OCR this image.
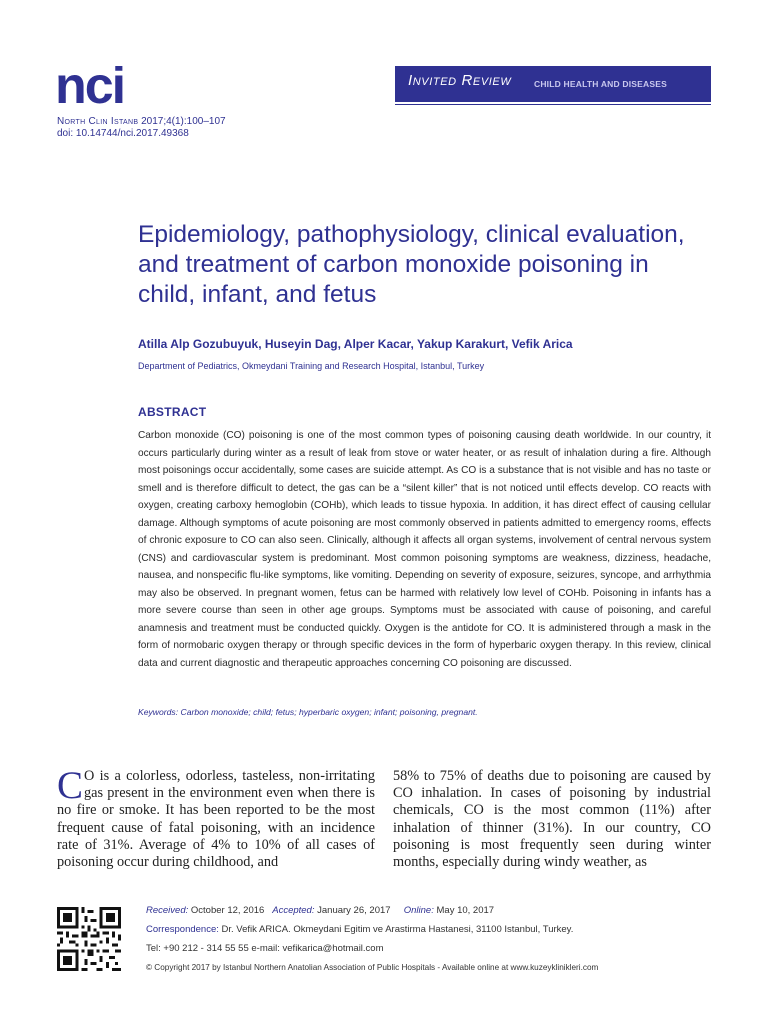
nci
North Clin Istanb 2017;4(1):100–107
doi: 10.14744/nci.2017.49368
Invited Review	CHILD HEALTH AND DISEASES
Epidemiology, pathophysiology, clinical evaluation, and treatment of carbon monoxide poisoning in child, infant, and fetus
Atilla Alp Gozubuyuk, Huseyin Dag, Alper Kacar, Yakup Karakurt, Vefik Arica
Department of Pediatrics, Okmeydani Training and Research Hospital, Istanbul, Turkey
ABSTRACT

Carbon monoxide (CO) poisoning is one of the most common types of poisoning causing death worldwide. In our country, it occurs particularly during winter as a result of leak from stove or water heater, or as result of inhalation during a fire. Although most poisonings occur accidentally, some cases are suicide attempt. As CO is a substance that is not visible and has no taste or smell and is therefore difficult to detect, the gas can be a “silent killer” that is not noticed until effects develop. CO reacts with oxygen, creating carboxy hemoglobin (COHb), which leads to tissue hypoxia. In addition, it has direct effect of causing cellular damage. Although symptoms of acute poisoning are most commonly observed in patients admitted to emergency rooms, effects of chronic exposure to CO can also seen. Clinically, although it affects all organ systems, involvement of central nervous system (CNS) and cardiovascular system is predominant. Most common poisoning symptoms are weakness, dizziness, headache, nausea, and nonspecific flu-like symptoms, like vomiting. Depending on severity of exposure, seizures, syncope, and arrhythmia may also be observed. In pregnant women, fetus can be harmed with relatively low level of COHb. Poisoning in infants has a more severe course than seen in other age groups. Symptoms must be associated with cause of poisoning, and careful anamnesis and treatment must be conducted quickly. Oxygen is the antidote for CO. It is administered through a mask in the form of normobaric oxygen therapy or through specific devices in the form of hyperbaric oxygen therapy. In this review, clinical data and current diagnostic and therapeutic approaches concerning CO poisoning are discussed.

Keywords: Carbon monoxide; child; fetus; hyperbaric oxygen; infant; poisoning, pregnant.

C O is a colorless, odorless, tasteless, non-irritating gas present in the environment even when there is no fire or smoke. It has been reported to be the most frequent cause of fatal poisoning, with an incidence rate of 31%. Average of 4% to 10% of all cases of poisoning occur during childhood, and

58% to 75% of deaths due to poisoning are caused by CO inhalation. In cases of poisoning by industrial chemicals, CO is the most common (11%) after inhalation of thinner (31%). In our country, CO poisoning is most frequently seen during winter months, especially during windy weather, as

Received: October 12, 2016 Accepted: January 26, 2017 Online: May 10, 2017
Correspondence: Dr. Vefik ARICA. Okmeydani Egitim ve Arastirma Hastanesi, 31100 Istanbul, Turkey.
Tel: +90 212 - 314 55 55 e-mail: vefikarica@hotmail.com
© Copyright 2017 by Istanbul Northern Anatolian Association of Public Hospitals - Available online at www.kuzeyklinikleri.com
